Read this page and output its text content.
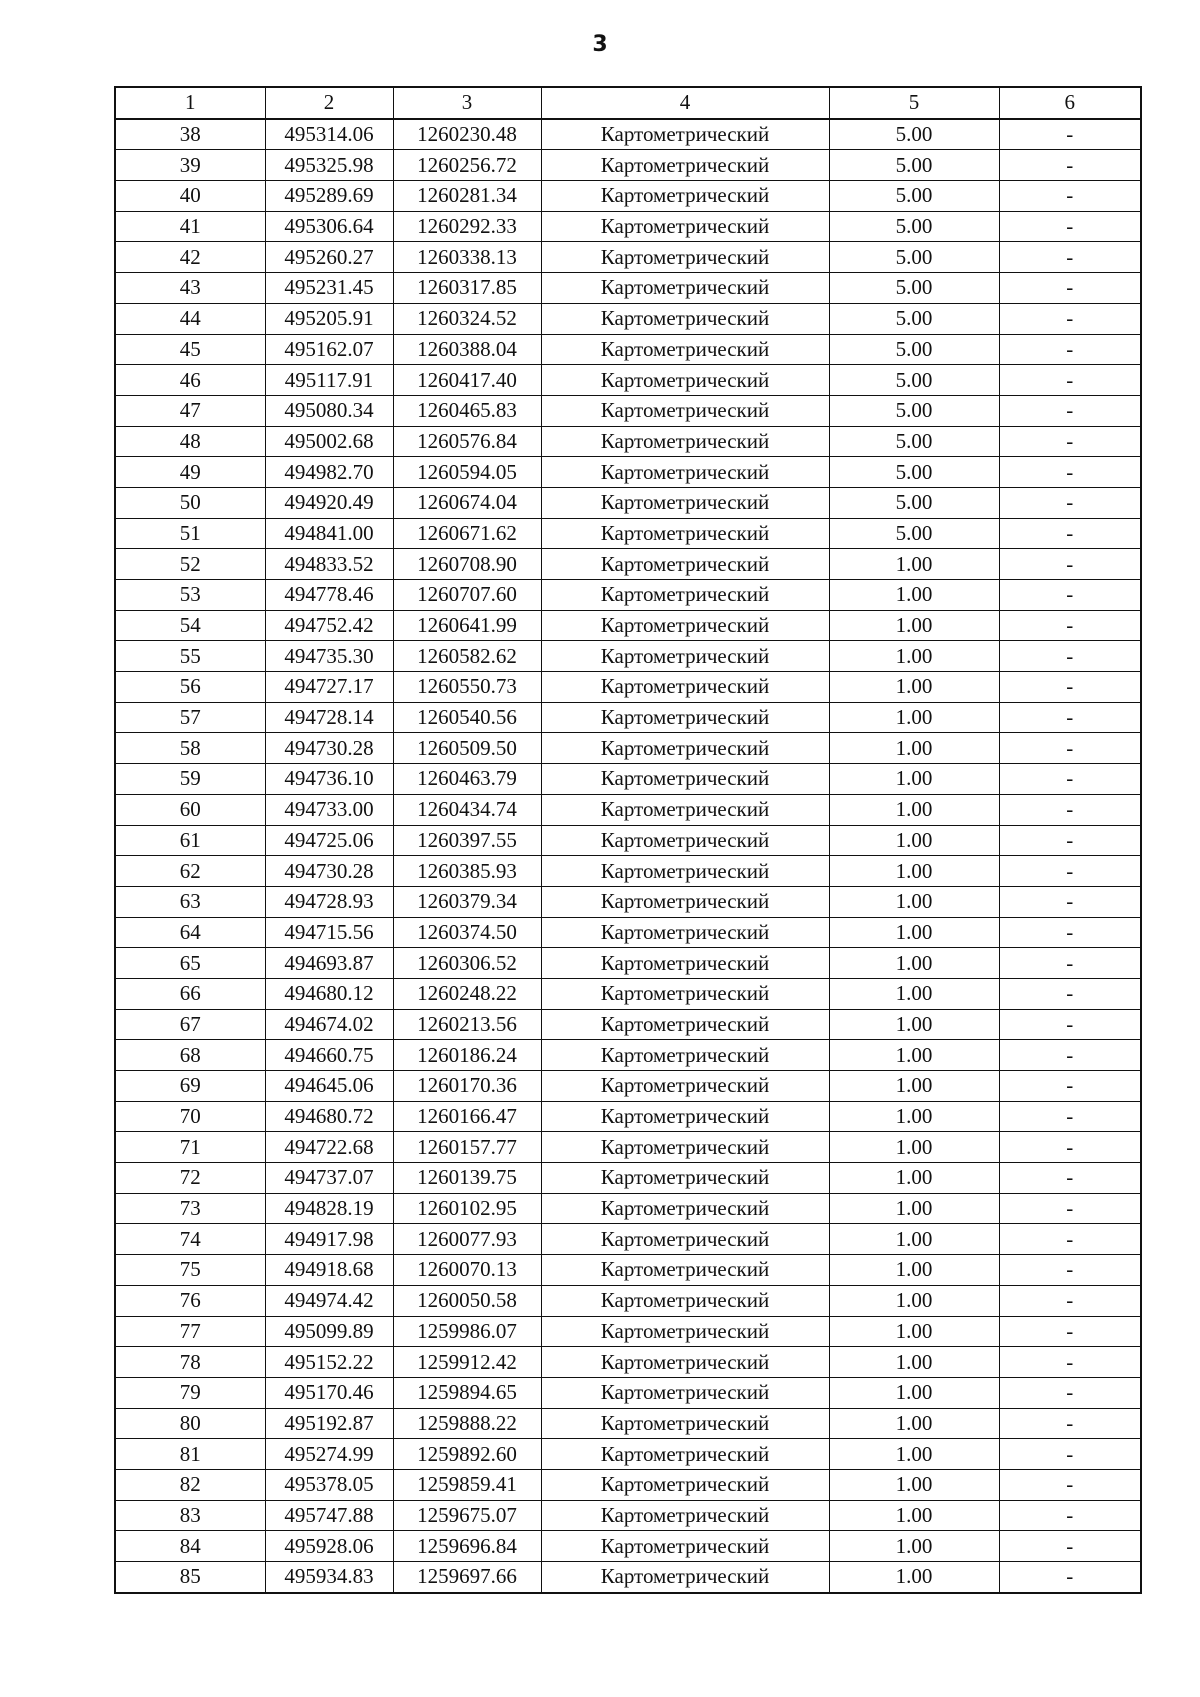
3
1	2	3	4	5	6
38	495314.06	1260230.48	Картометрический	5.00	-
39	495325.98	1260256.72	Картометрический	5.00	-
40	495289.69	1260281.34	Картометрический	5.00	-
41	495306.64	1260292.33	Картометрический	5.00	-
42	495260.27	1260338.13	Картометрический	5.00	-
43	495231.45	1260317.85	Картометрический	5.00	-
44	495205.91	1260324.52	Картометрический	5.00	-
45	495162.07	1260388.04	Картометрический	5.00	-
46	495117.91	1260417.40	Картометрический	5.00	-
47	495080.34	1260465.83	Картометрический	5.00	-
48	495002.68	1260576.84	Картометрический	5.00	-
49	494982.70	1260594.05	Картометрический	5.00	-
50	494920.49	1260674.04	Картометрический	5.00	-
51	494841.00	1260671.62	Картометрический	5.00	-
52	494833.52	1260708.90	Картометрический	1.00	-
53	494778.46	1260707.60	Картометрический	1.00	-
54	494752.42	1260641.99	Картометрический	1.00	-
55	494735.30	1260582.62	Картометрический	1.00	-
56	494727.17	1260550.73	Картометрический	1.00	-
57	494728.14	1260540.56	Картометрический	1.00	-
58	494730.28	1260509.50	Картометрический	1.00	-
59	494736.10	1260463.79	Картометрический	1.00	-
60	494733.00	1260434.74	Картометрический	1.00	-
61	494725.06	1260397.55	Картометрический	1.00	-
62	494730.28	1260385.93	Картометрический	1.00	-
63	494728.93	1260379.34	Картометрический	1.00	-
64	494715.56	1260374.50	Картометрический	1.00	-
65	494693.87	1260306.52	Картометрический	1.00	-
66	494680.12	1260248.22	Картометрический	1.00	-
67	494674.02	1260213.56	Картометрический	1.00	-
68	494660.75	1260186.24	Картометрический	1.00	-
69	494645.06	1260170.36	Картометрический	1.00	-
70	494680.72	1260166.47	Картометрический	1.00	-
71	494722.68	1260157.77	Картометрический	1.00	-
72	494737.07	1260139.75	Картометрический	1.00	-
73	494828.19	1260102.95	Картометрический	1.00	-
74	494917.98	1260077.93	Картометрический	1.00	-
75	494918.68	1260070.13	Картометрический	1.00	-
76	494974.42	1260050.58	Картометрический	1.00	-
77	495099.89	1259986.07	Картометрический	1.00	-
78	495152.22	1259912.42	Картометрический	1.00	-
79	495170.46	1259894.65	Картометрический	1.00	-
80	495192.87	1259888.22	Картометрический	1.00	-
81	495274.99	1259892.60	Картометрический	1.00	-
82	495378.05	1259859.41	Картометрический	1.00	-
83	495747.88	1259675.07	Картометрический	1.00	-
84	495928.06	1259696.84	Картометрический	1.00	-
85	495934.83	1259697.66	Картометрический	1.00	-
